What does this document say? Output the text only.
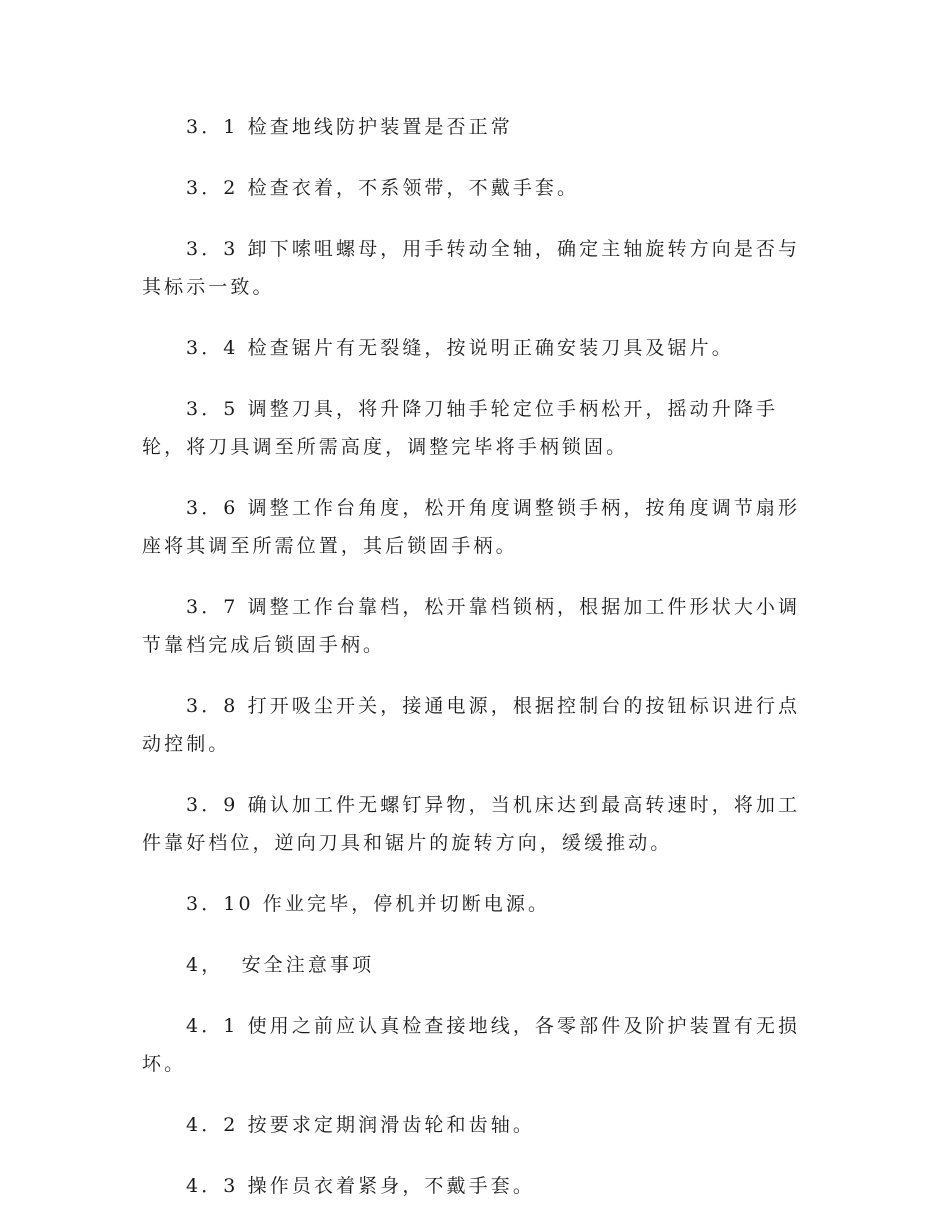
3．1 检查地线防护装置是否正常

3．2 检查衣着，不系领带，不戴手套。

3．3 卸下嗦咀螺母，用手转动全轴，确定主轴旋转方向是否与其标示一致。

3．4 检查锯片有无裂缝，按说明正确安装刀具及锯片。

3．5 调整刀具，将升降刀轴手轮定位手柄松开，摇动升降手轮，将刀具调至所需高度，调整完毕将手柄锁固。

3．6 调整工作台角度，松开角度调整锁手柄，按角度调节扇形座将其调至所需位置，其后锁固手柄。

3．7 调整工作台靠档，松开靠档锁柄，根据加工件形状大小调节靠档完成后锁固手柄。

3．8 打开吸尘开关，接通电源，根据控制台的按钮标识进行点动控制。

3．9 确认加工件无螺钉异物，当机床达到最高转速时，将加工件靠好档位，逆向刀具和锯片的旋转方向，缓缓推动。

3．10 作业完毕，停机并切断电源。

4，  安全注意事项

4．1 使用之前应认真检查接地线，各零部件及阶护装置有无损坏。

4．2 按要求定期润滑齿轮和齿轴。

4．3 操作员衣着紧身，不戴手套。
